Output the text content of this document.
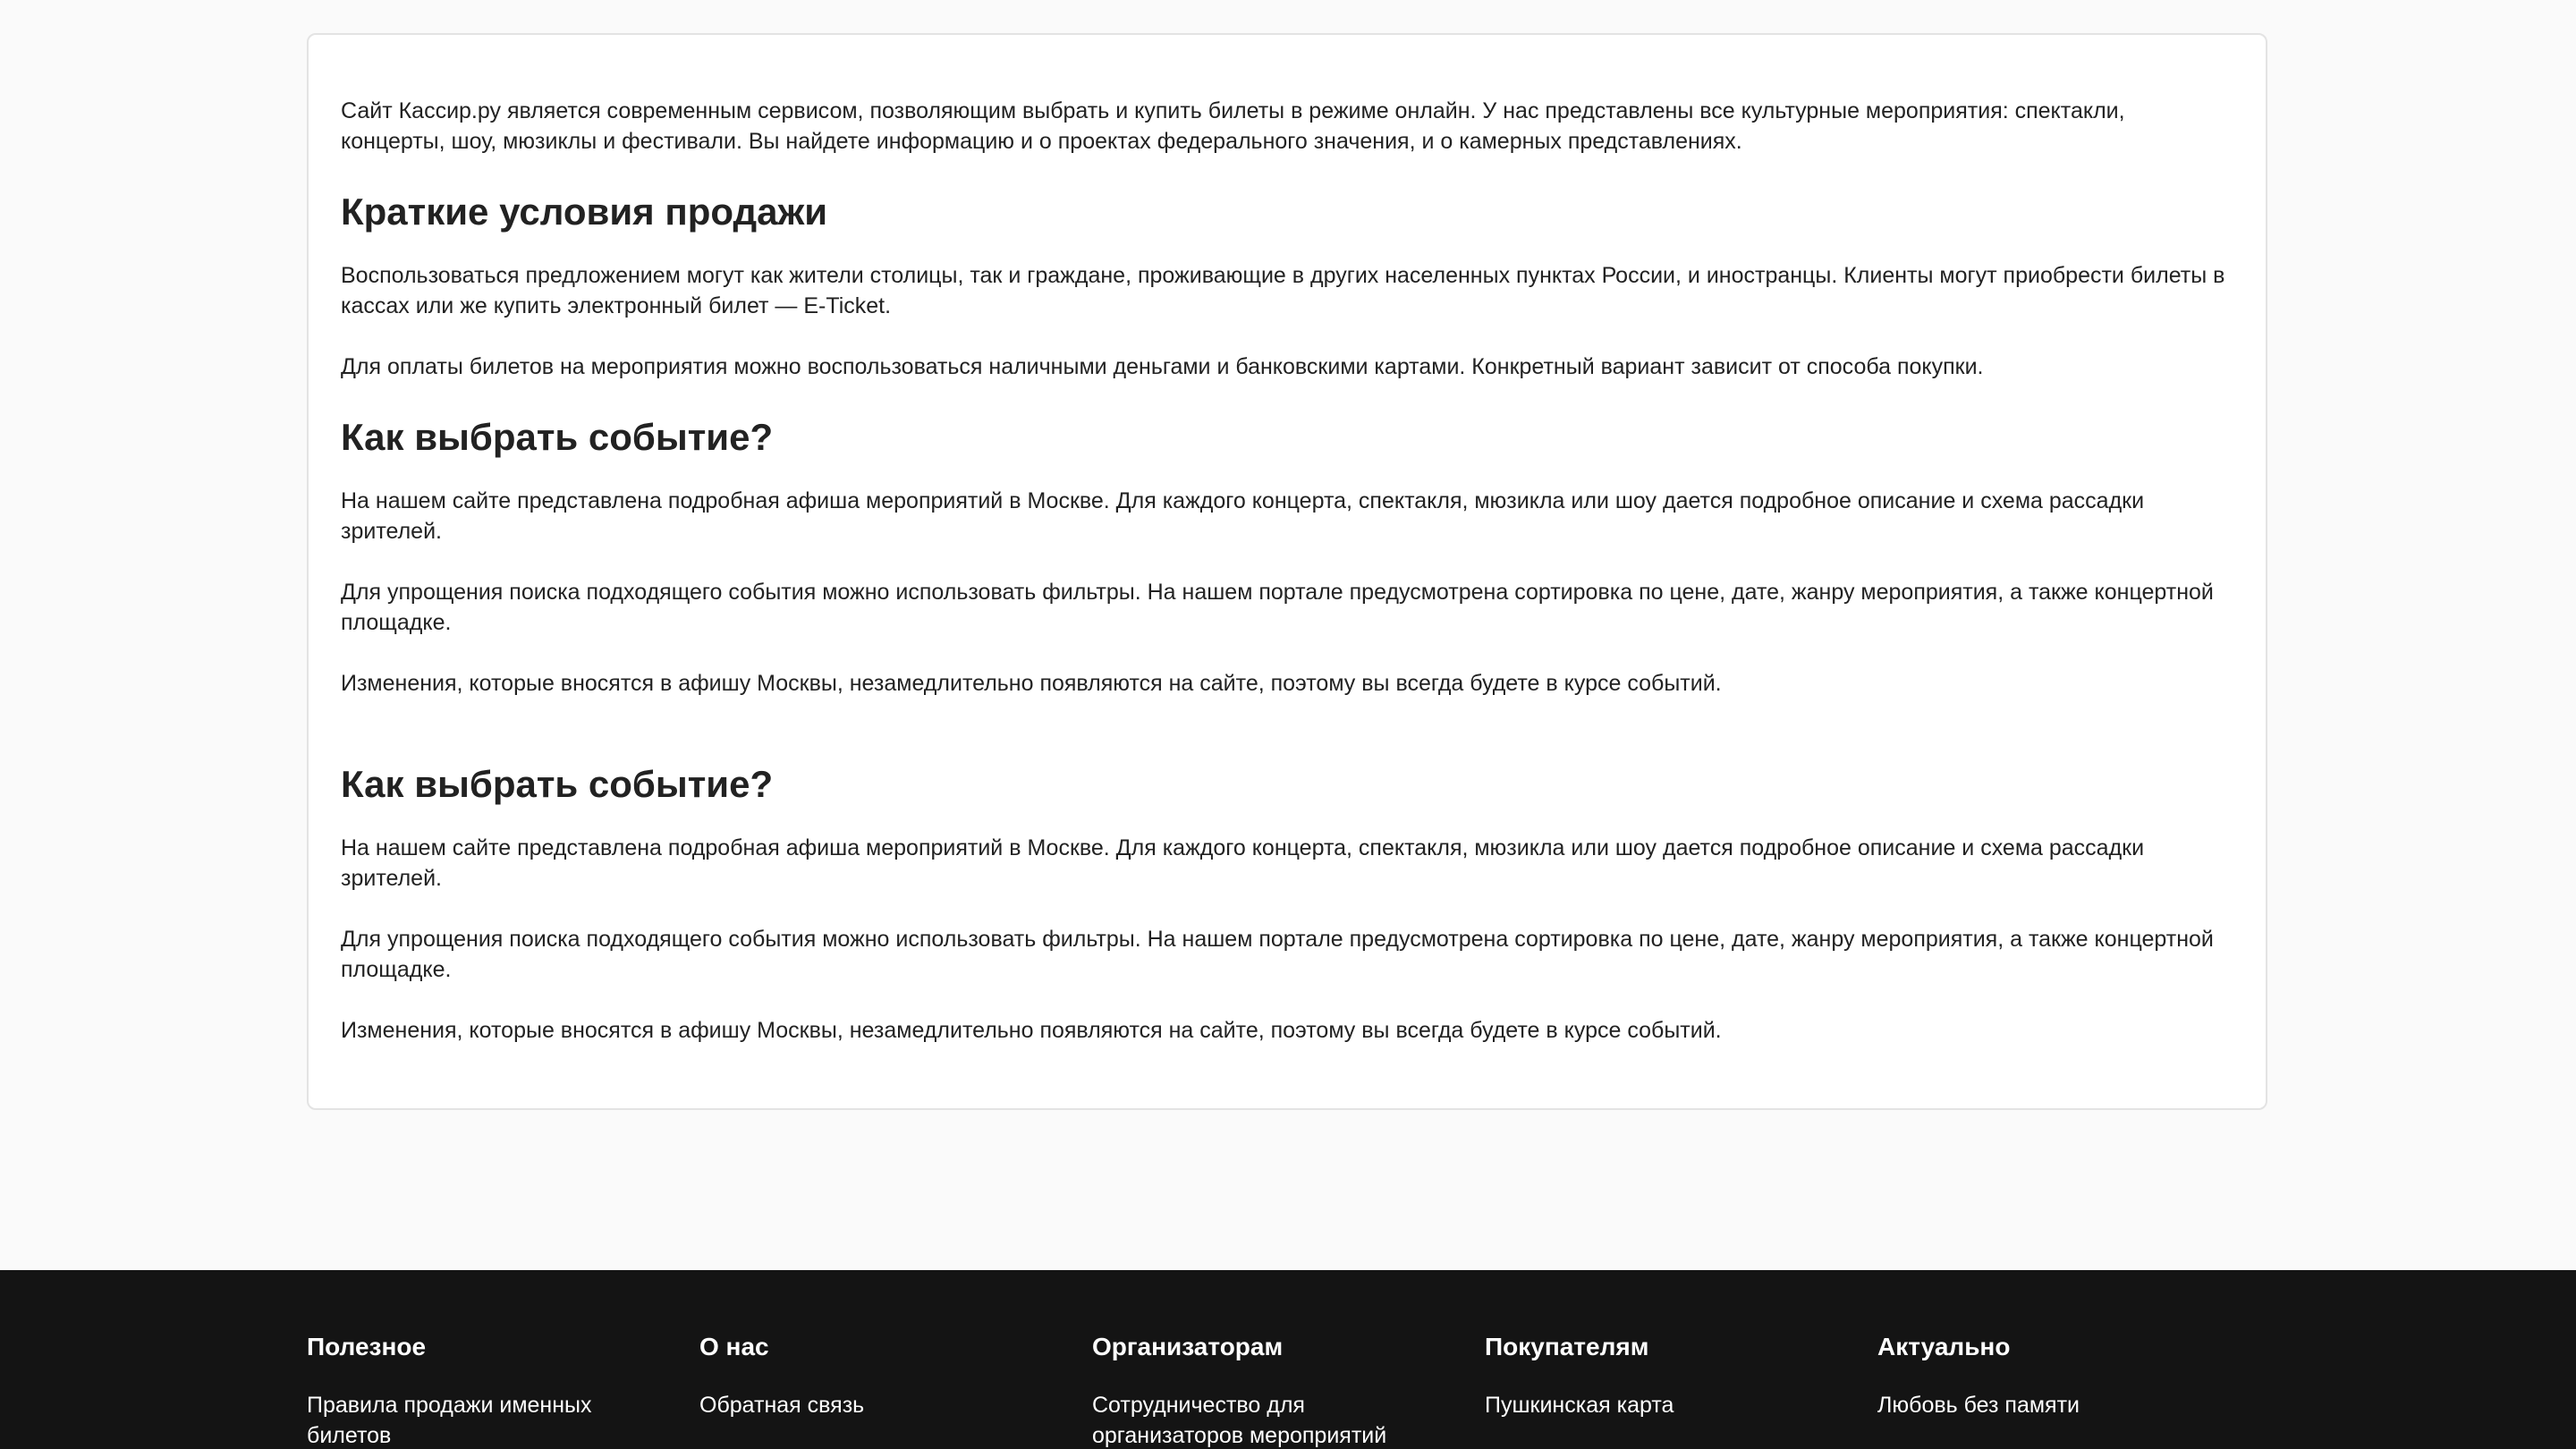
Сайт Кассир.ру является современным сервисом, позволяющим выбрать и купить билеты в режиме онлайн. У нас представлены все культурные мероприятия: спектакли, концерты, шоу, мюзиклы и фестивали. Вы найдете информацию и о проектах федерального значения, и о камерных представлениях.

Краткие условия продажи

Воспользоваться предложением могут как жители столицы, так и граждане, проживающие в других населенных пунктах России, и иностранцы. Клиенты могут приобрести билеты в кассах или же купить электронный билет — E-Ticket.

Для оплаты билетов на мероприятия можно воспользоваться наличными деньгами и банковскими картами. Конкретный вариант зависит от способа покупки.

Как выбрать событие?

На нашем сайте представлена подробная афиша мероприятий в Москве. Для каждого концерта, спектакля, мюзикла или шоу дается подробное описание и схема рассадки зрителей.

Для упрощения поиска подходящего события можно использовать фильтры. На нашем портале предусмотрена сортировка по цене, дате, жанру мероприятия, а также концертной площадке.

Изменения, которые вносятся в афишу Москвы, незамедлительно появляются на сайте, поэтому вы всегда будете в курсе событий.

Как выбрать событие?

На нашем сайте представлена подробная афиша мероприятий в Москве. Для каждого концерта, спектакля, мюзикла или шоу дается подробное описание и схема рассадки зрителей.

Для упрощения поиска подходящего события можно использовать фильтры. На нашем портале предусмотрена сортировка по цене, дате, жанру мероприятия, а также концертной площадке.

Изменения, которые вносятся в афишу Москвы, незамедлительно появляются на сайте, поэтому вы всегда будете в курсе событий.

Полезное
Правила продажи именных билетов
О нас
Обратная связь
Организаторам
Сотрудничество для организаторов мероприятий
Покупателям
Пушкинская карта
Актуально
Любовь без памяти
